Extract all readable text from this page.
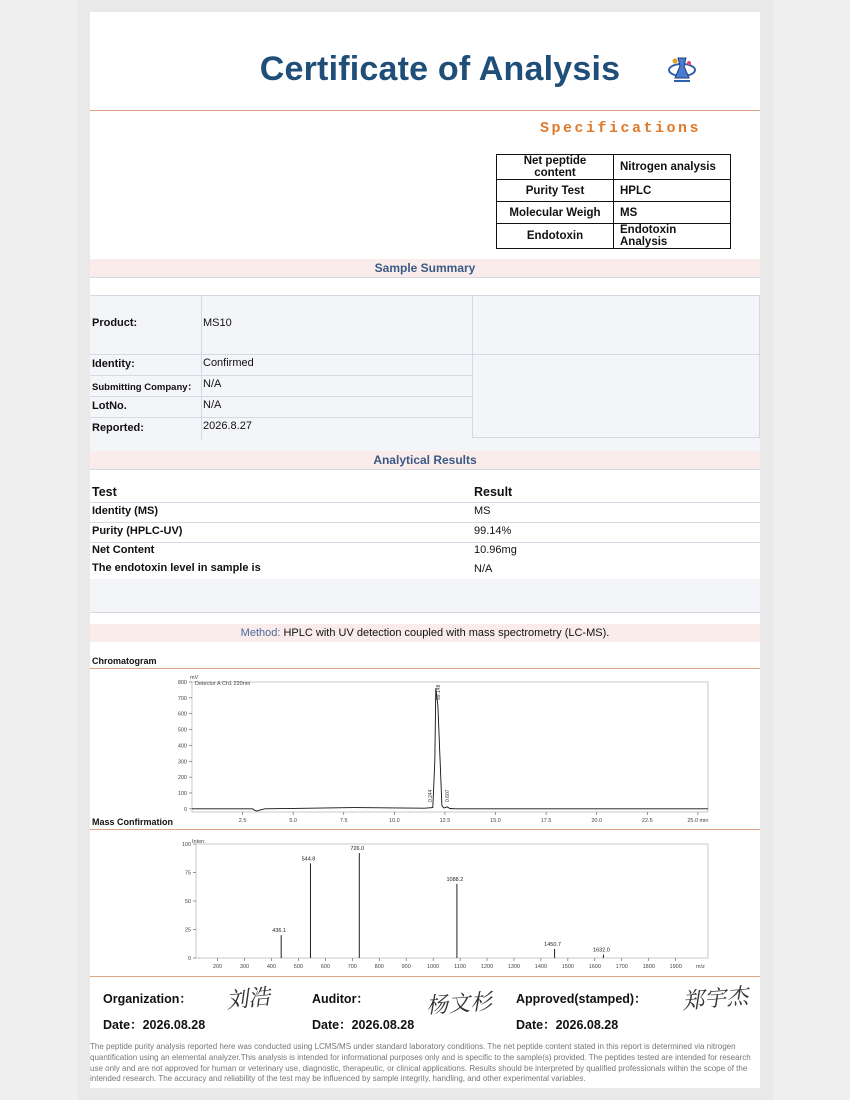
Certificate of Analysis
Specifications
Net peptide content	Nitrogen analysis
Purity Test	HPLC
Molecular Weigh	MS
Endotoxin	Endotoxin Analysis
Sample Summary
Product:	MS10
Identity:	Confirmed
Submitting Company： N/A
LotNo.	N/A
Reported:	2026.8.27
Analytical Results
Test	Result
Identity (MS)	MS
Purity (HPLC-UV)	99.14%
Net Content	10.96mg
The endotoxin level in sample is	N/A
Method: HPLC with UV detection coupled with mass spectrometry (LC-MS).
Chromatogram
mV
Detector A Ch1 220nm
0
100
200
300
400
500
600
700
800
2.5	5.0	7.5	10.0	12.5	15.0	17.5	20.0	22.5	25.0 min
99.148
0.244 0.607
Mass Confirmation
Inten.
0
25
50
75
100
200	300	400	500	600	700	800	900	1000	1100	1200	1300	1400	1500	1600	1700	1800	1900	m/z
436.1
544.8
726.0
1088.2
1450.7
1632.0
Organization：
Date：2026.08.28
刘浩	Auditor：
Date：2026.08.28
杨文杉 Approved(stamped)：
Date：2026.08.28
郑宇杰
The peptide purity analysis reported here was conducted using LCMS/MS under standard laboratory conditions. The net peptide content stated in this report is determined via nitrogen quantification using an elemental analyzer.This analysis is intended for informational purposes only and is specific to the sample(s) provided. The peptides tested are intended for research use only and are not approved for human or veterinary use, diagnostic, therapeutic, or clinical applications. Results should be interpreted by qualified professionals within the scope of the intended research. The accuracy and reliability of the test may be influenced by sample integrity, handling, and other experimental variables.
